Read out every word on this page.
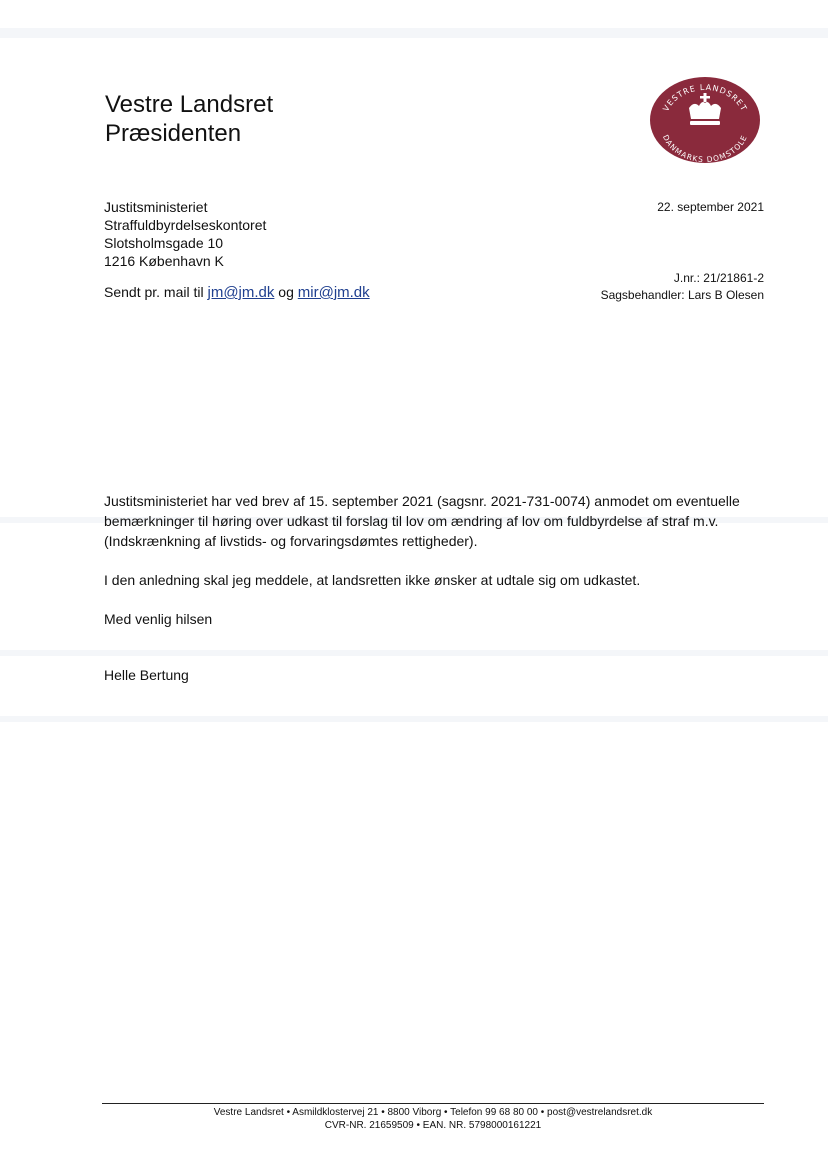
Vestre Landsret
Præsidenten
VESTRE LANDSRET
DANMARKS DOMSTOLE
Justitsministeriet
Straffuldbyrdelseskontoret
Slotsholmsgade 10
1216 København K
22. september 2021
Sendt pr. mail til jm@jm.dk og mir@jm.dk
J.nr.: 21/21861-2
Sagsbehandler: Lars B Olesen

Justitsministeriet har ved brev af 15. september 2021 (sagsnr. 2021-731-0074) anmodet om eventuelle bemærkninger til høring over udkast til forslag til lov om ændring af lov om fuldbyrdelse af straf m.v. (Indskrænkning af livstids- og forvaringsdømtes rettigheder).

I den anledning skal jeg meddele, at landsretten ikke ønsker at udtale sig om udkastet.

Med venlig hilsen

Helle Bertung
Vestre Landsret • Asmildklostervej 21 • 8800 Viborg • Telefon 99 68 80 00 • post@vestrelandsret.dk
CVR-NR. 21659509 • EAN. NR. 5798000161221
